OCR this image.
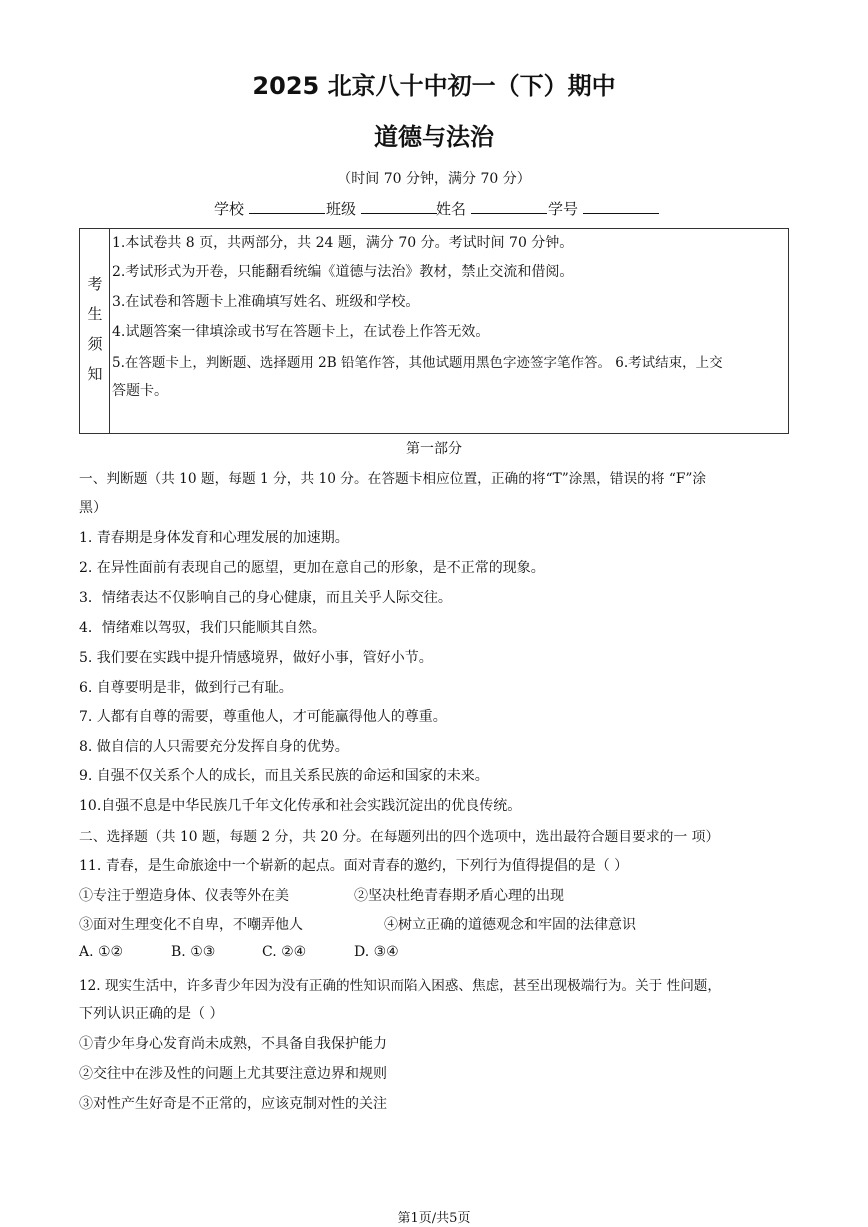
2025 北京八十中初一（下）期中
道德与法治
（时间 70 分钟，满分 70 分）
学校	班级	姓名	学号
考
生
须
知
1.本试卷共 8 页，共两部分，共 24 题，满分 70 分。考试时间 70 分钟。
2.考试形式为开卷，只能翻看统编《道德与法治》教材，禁止交流和借阅。
3.在试卷和答题卡上准确填写姓名、班级和学校。
4.试题答案一律填涂或书写在答题卡上，在试卷上作答无效。
5.在答题卡上，判断题、选择题用 2B 铅笔作答，其他试题用黑色字迹签字笔作答。 6.考试结束，上交
答题卡。
第一部分
一、判断题（共 10 题，每题 1 分，共 10 分。在答题卡相应位置，正确的将“T”涂黑，错误的将 “F”涂
黑）
1. 青春期是身体发育和心理发展的加速期。
2. 在异性面前有表现自己的愿望，更加在意自己的形象，是不正常的现象。
3．情绪表达不仅影响自己的身心健康，而且关乎人际交往。
4．情绪难以驾驭，我们只能顺其自然。
5. 我们要在实践中提升情感境界，做好小事，管好小节。
6. 自尊要明是非，做到行己有耻。
7. 人都有自尊的需要，尊重他人，才可能赢得他人的尊重。
8. 做自信的人只需要充分发挥自身的优势。
9. 自强不仅关系个人的成长，而且关系民族的命运和国家的未来。
10.自强不息是中华民族几千年文化传承和社会实践沉淀出的优良传统。
二、选择题（共 10 题，每题 2 分，共 20 分。在每题列出的四个选项中，选出最符合题目要求的一 项）
11. 青春，是生命旅途中一个崭新的起点。面对青春的邀约，下列行为值得提倡的是（ ）
①专注于塑造身体、仪表等外在美	②坚决杜绝青春期矛盾心理的出现
③面对生理变化不自卑，不嘲弄他人	④树立正确的道德观念和牢固的法律意识
A. ①②	B. ①③	C. ②④	D. ③④
12. 现实生活中，许多青少年因为没有正确的性知识而陷入困惑、焦虑，甚至出现极端行为。关于 性问题，
下列认识正确的是（ ）
①青少年身心发育尚未成熟，不具备自我保护能力
②交往中在涉及性的问题上尤其要注意边界和规则
③对性产生好奇是不正常的，应该克制对性的关注
第1页/共5页
